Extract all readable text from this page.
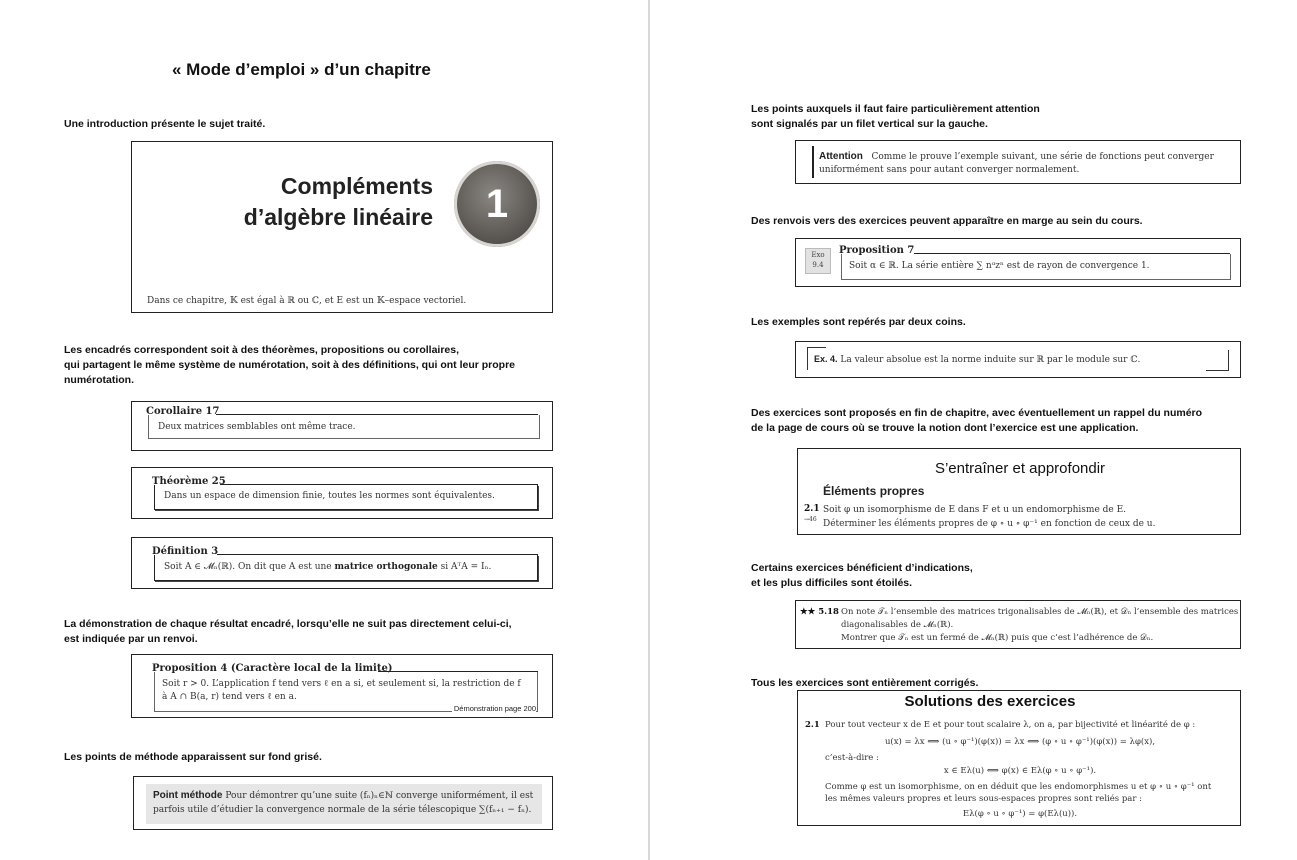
« Mode d’emploi » d’un chapitre
Une introduction présente le sujet traité.
Compléments
d’algèbre linéaire	1
Dans ce chapitre, 𝕂 est égal à ℝ ou ℂ, et E est un 𝕂–espace vectoriel.
Les encadrés correspondent soit à des théorèmes, propositions ou corollaires,
qui partagent le même système de numérotation, soit à des définitions, qui ont leur propre
numérotation.
Corollaire 17
Deux matrices semblables ont même trace.
Théorème 25
Dans un espace de dimension finie, toutes les normes sont équivalentes.
Définition 3
Soit A ∈ 𝓜ₙ(ℝ). On dit que A est une matrice orthogonale si AᵀA = Iₙ.
La démonstration de chaque résultat encadré, lorsqu’elle ne suit pas directement celui-ci,
est indiquée par un renvoi.
Proposition 4 (Caractère local de la limite)
Soit r > 0. L’application f tend vers ℓ en a si, et seulement si, la restriction de f
à A ∩ B(a, r) tend vers ℓ en a.
Démonstration page 200
Les points de méthode apparaissent sur fond grisé.
Point méthode Pour démontrer qu’une suite (fₙ)ₙ∈ℕ converge uniformément, il est
parfois utile d’étudier la convergence normale de la série télescopique ∑(fₙ₊₁ − fₙ).
Les points auxquels il faut faire particulièrement attention
sont signalés par un filet vertical sur la gauche.
Attention Comme le prouve l’exemple suivant, une série de fonctions peut converger
uniformément sans pour autant converger normalement.
Des renvois vers des exercices peuvent apparaître en marge au sein du cours.
Exo
9.4
Proposition 7
Soit α ∈ ℝ. La série entière ∑ nᵅzⁿ est de rayon de convergence 1.
Les exemples sont repérés par deux coins.
Ex. 4. La valeur absolue est la norme induite sur ℝ par le module sur ℂ.
Des exercices sont proposés en fin de chapitre, avec éventuellement un rappel du numéro
de la page de cours où se trouve la notion dont l’exercice est une application.
S’entraîner et approfondir
Éléments propres
2.1
→46
Soit φ un isomorphisme de E dans F et u un endomorphisme de E.
Déterminer les éléments propres de φ ∘ u ∘ φ⁻¹ en fonction de ceux de u.
Certains exercices bénéficient d’indications,
et les plus difficiles sont étoilés.
★★ 5.18 On note 𝒯ₙ l’ensemble des matrices trigonalisables de 𝓜ₙ(ℝ), et 𝒟ₙ l’ensemble des matrices
diagonalisables de 𝓜ₙ(ℝ).
Montrer que 𝒯ₙ est un fermé de 𝓜ₙ(ℝ) puis que c’est l’adhérence de 𝒟ₙ.
Tous les exercices sont entièrement corrigés.
Solutions des exercices
2.1 Pour tout vecteur x de E et pour tout scalaire λ, on a, par bijectivité et linéarité de φ :
u(x) = λx ⟺ (u ∘ φ⁻¹)(φ(x)) = λx ⟺ (φ ∘ u ∘ φ⁻¹)(φ(x)) = λφ(x),
c’est-à-dire :
x ∈ Eλ(u) ⟺ φ(x) ∈ Eλ(φ ∘ u ∘ φ⁻¹).
Comme φ est un isomorphisme, on en déduit que les endomorphismes u et φ ∘ u ∘ φ⁻¹ ont
les mêmes valeurs propres et leurs sous-espaces propres sont reliés par :
Eλ(φ ∘ u ∘ φ⁻¹) = φ(Eλ(u)).
